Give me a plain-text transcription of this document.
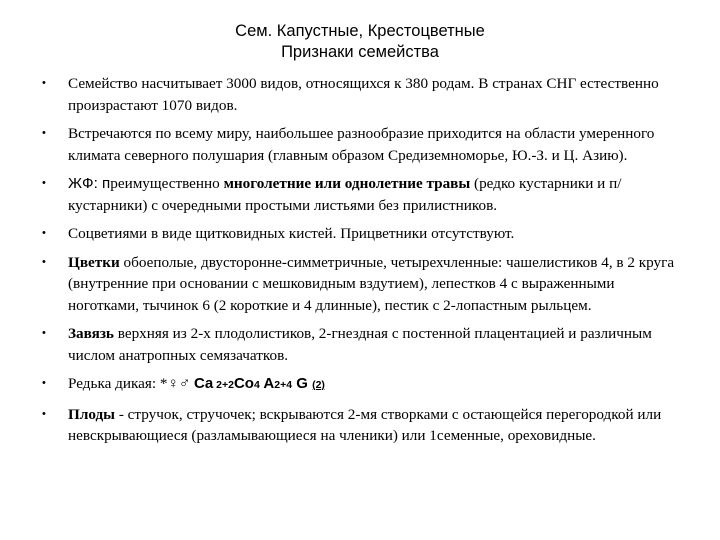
Сем. Капустные, Крестоцветные
Признаки семейства
• Семейство насчитывает 3000 видов, относящихся к 380 родам. В странах СНГ естественно произрастают 1070 видов.
• Встречаются по всему миру, наибольшее разнообразие приходится на области умеренного климата северного полушария (главным образом Средиземноморье, Ю.-З. и Ц. Азию).
• ЖФ: преимущественно многолетние или однолетние травы (редко кустарники и п/кустарники) с очередными простыми листьями без прилистников.
• Соцветиями в виде щитковидных кистей. Прицветники отсутствуют.
• Цветки обоеполые, двусторонне-симметричные, четырехчленные: чашелистиков 4, в 2 круга (внутренние при основании с мешковидным вздутием), лепестков 4 с выраженными ноготками, тычинок 6 (2 короткие и 4 длинные), пестик с 2-лопастным рыльцем.
• Завязь верхняя из 2-х плодолистиков, 2-гнездная с постенной плацентацией и различным числом анатропных семязачатков.
• Редька дикая: *♀♂ Ca 2+2Co4 A2+4 G (2)
• Плоды - стручок, стручочек; вскрываются 2-мя створками с остающейся перегородкой или невскрывающиеся (разламывающиеся на членики) или 1семенные, ореховидные.
